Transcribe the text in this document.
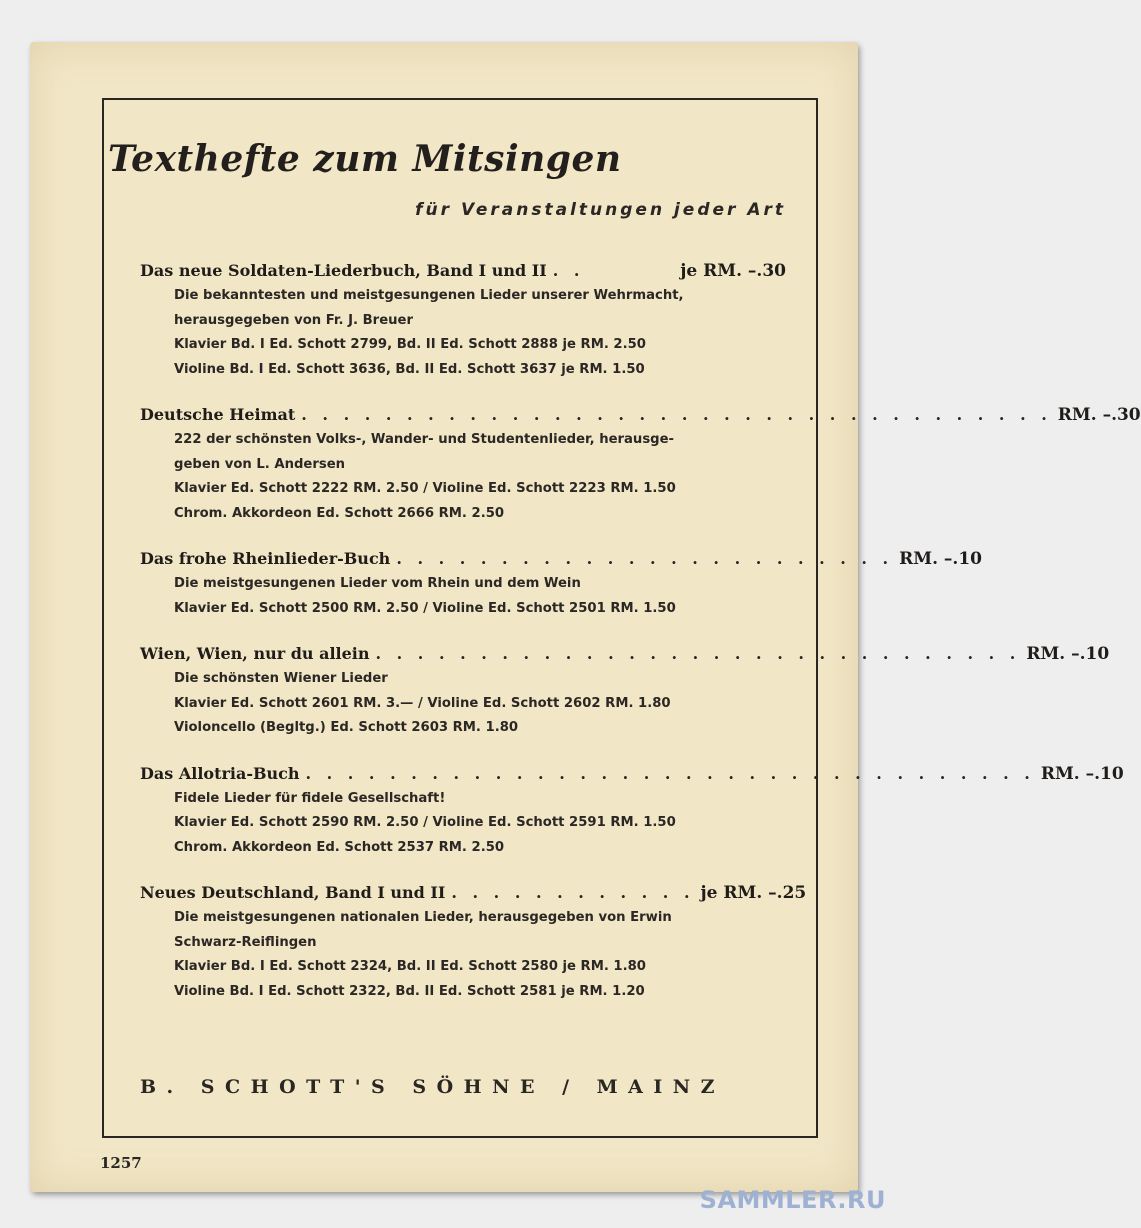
Texthefte zum Mitsingen

für Veranstaltungen jeder Art

Das neue Soldaten-Liederbuch, Band I und II . .	je RM. –.30
Die bekanntesten und meistgesungenen Lieder unserer Wehrmacht,
herausgegeben von Fr. J. Breuer
Klavier Bd. I Ed. Schott 2799, Bd. II Ed. Schott 2888 je RM. 2.50
Violine Bd. I Ed. Schott 3636, Bd. II Ed. Schott 3637 je RM. 1.50
Deutsche Heimat . . . . . . . . . . . . . . . . . . . . . . . . . . . . . . . . . . . . RM. –.30
222 der schönsten Volks-, Wander- und Studentenlieder, herausge-
geben von L. Andersen
Klavier Ed. Schott 2222 RM. 2.50 / Violine Ed. Schott 2223 RM. 1.50
Chrom. Akkordeon Ed. Schott 2666 RM. 2.50
Das frohe Rheinlieder-Buch . . . . . . . . . . . . . . . . . . . . . . . . RM. –.10
Die meistgesungenen Lieder vom Rhein und dem Wein
Klavier Ed. Schott 2500 RM. 2.50 / Violine Ed. Schott 2501 RM. 1.50
Wien, Wien, nur du allein . . . . . . . . . . . . . . . . . . . . . . . . . . . . . . . RM. –.10
Die schönsten Wiener Lieder
Klavier Ed. Schott 2601 RM. 3.— / Violine Ed. Schott 2602 RM. 1.80
Violoncello (Begltg.) Ed. Schott 2603 RM. 1.80
Das Allotria-Buch . . . . . . . . . . . . . . . . . . . . . . . . . . . . . . . . . . . RM. –.10
Fidele Lieder für fidele Gesellschaft!
Klavier Ed. Schott 2590 RM. 2.50 / Violine Ed. Schott 2591 RM. 1.50
Chrom. Akkordeon Ed. Schott 2537 RM. 2.50
Neues Deutschland, Band I und II . . . . . . . . . . . . je RM. –.25
Die meistgesungenen nationalen Lieder, herausgegeben von Erwin
Schwarz-Reiflingen
Klavier Bd. I Ed. Schott 2324, Bd. II Ed. Schott 2580 je RM. 1.80
Violine Bd. I Ed. Schott 2322, Bd. II Ed. Schott 2581 je RM. 1.20

B. SCHOTT'S SÖHNE / MAINZ

1257

SAMMLER.RU
